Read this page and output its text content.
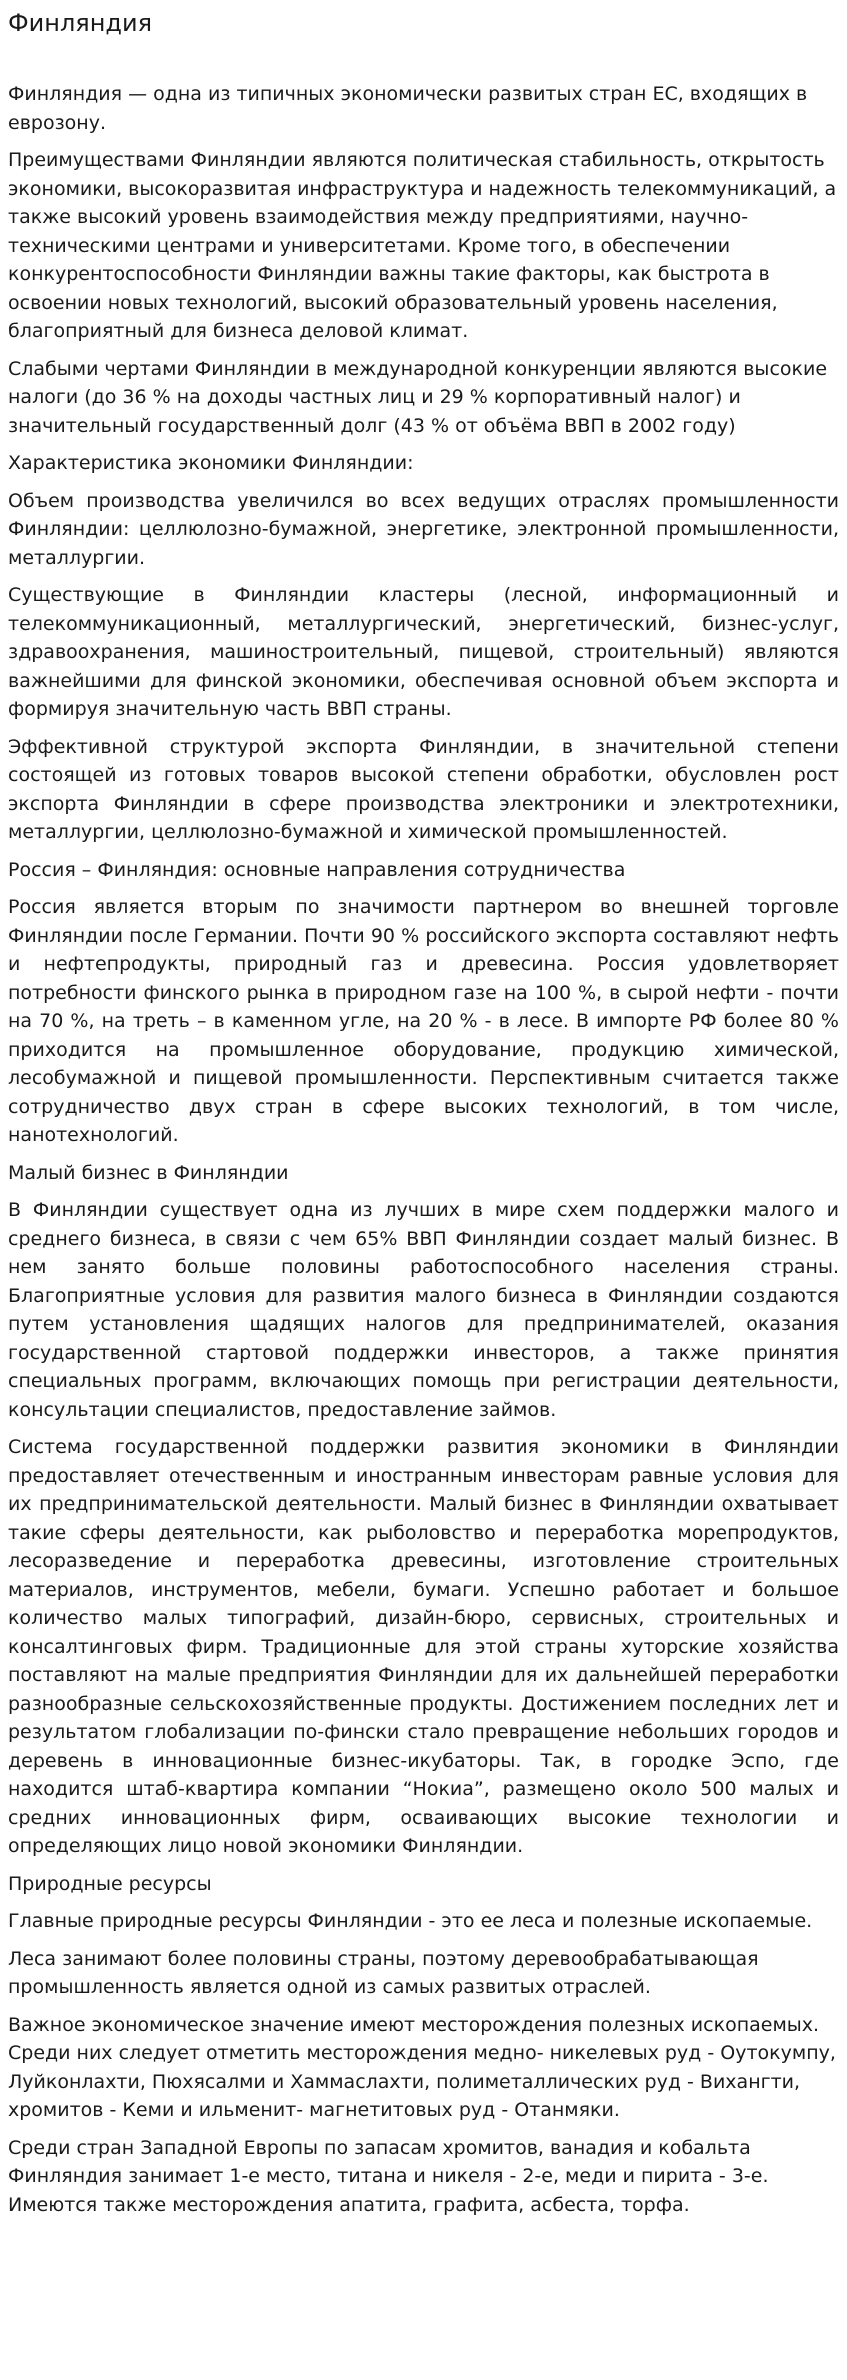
Финляндия

Финляндия — одна из типичных экономически развитых стран ЕС, входящих в еврозону.

Преимуществами Финляндии являются политическая стабильность, открытость экономики, высокоразвитая инфраструктура и надежность телекоммуникаций, а также высокий уровень взаимодействия между предприятиями, научно-техническими центрами и университетами. Кроме того, в обеспечении конкурентоспособности Финляндии важны такие факторы, как быстрота в освоении новых технологий, высокий образовательный уровень населения, благоприятный для бизнеса деловой климат.

Слабыми чертами Финляндии в международной конкуренции являются высокие налоги (до 36 % на доходы частных лиц и 29 % корпоративный налог) и значительный государственный долг (43 % от объёма ВВП в 2002 году)

Характеристика экономики Финляндии:

Объем производства увеличился во всех ведущих отраслях промышленности Финляндии: целлюлозно-бумажной, энергетике, электронной промышленности, металлургии.

Существующие в Финляндии кластеры (лесной, информационный и телекоммуникационный, металлургический, энергетический, бизнес-услуг, здравоохранения, машиностроительный, пищевой, строительный) являются важнейшими для финской экономики, обеспечивая основной объем экспорта и формируя значительную часть ВВП страны.

Эффективной структурой экспорта Финляндии, в значительной степени состоящей из готовых товаров высокой степени обработки, обусловлен рост экспорта Финляндии в сфере производства электроники и электротехники, металлургии, целлюлозно-бумажной и химической промышленностей.

Россия – Финляндия: основные направления сотрудничества

Россия является вторым по значимости партнером во внешней торговле Финляндии после Германии. Почти 90 % российского экспорта составляют нефть и нефтепродукты, природный газ и древесина. Россия удовлетворяет потребности финского рынка в природном газе на 100 %, в сырой нефти - почти на 70 %, на треть – в каменном угле, на 20 % - в лесе. В импорте РФ более 80 % приходится на промышленное оборудование, продукцию химической, лесобумажной и пищевой промышленности. Перспективным считается также сотрудничество двух стран в сфере высоких технологий, в том числе, нанотехнологий.

Малый бизнес в Финляндии

В Финляндии существует одна из лучших в мире схем поддержки малого и среднего бизнеса, в связи с чем 65% ВВП Финляндии создает малый бизнес. В нем занято больше половины работоспособного населения страны. Благоприятные условия для развития малого бизнеса в Финляндии создаются путем установления щадящих налогов для предпринимателей, оказания государственной стартовой поддержки инвесторов, а также принятия специальных программ, включающих помощь при регистрации деятельности, консультации специалистов, предоставление займов.

Система государственной поддержки развития экономики в Финляндии предоставляет отечественным и иностранным инвесторам равные условия для их предпринимательской деятельности. Малый бизнес в Финляндии охватывает такие сферы деятельности, как рыболовство и переработка морепродуктов, лесоразведение и переработка древесины, изготовление строительных материалов, инструментов, мебели, бумаги. Успешно работает и большое количество малых типографий, дизайн-бюро, сервисных, строительных и консалтинговых фирм. Традиционные для этой страны хуторские хозяйства поставляют на малые предприятия Финляндии для их дальнейшей переработки разнообразные сельскохозяйственные продукты. Достижением последних лет и результатом глобализации по-фински стало превращение небольших городов и деревень в инновационные бизнес-икубаторы. Так, в городке Эспо, где находится штаб-квартира компании “Нокиа”, размещено около 500 малых и средних инновационных фирм, осваивающих высокие технологии и определяющих лицо новой экономики Финляндии.

Природные ресурсы

Главные природные ресурсы Финляндии - это ее леса и полезные ископаемые.

Леса занимают более половины страны, поэтому деревообрабатывающая промышленность является одной из самых развитых отраслей.

Важное экономическое значение имеют месторождения полезных ископаемых. Среди них следует отметить месторождения медно- никелевых руд - Оутокумпу, Луйконлахти, Пюхясалми и Хаммаслахти, полиметаллических руд - Вихангти, хромитов - Кеми и ильменит- магнетитовых руд - Отанмяки.

Среди стран Западной Европы по запасам хромитов, ванадия и кобальта Финляндия занимает 1-е место, титана и никеля - 2-е, меди и пирита - 3-е. Имеются также месторождения апатита, графита, асбеста, торфа.
